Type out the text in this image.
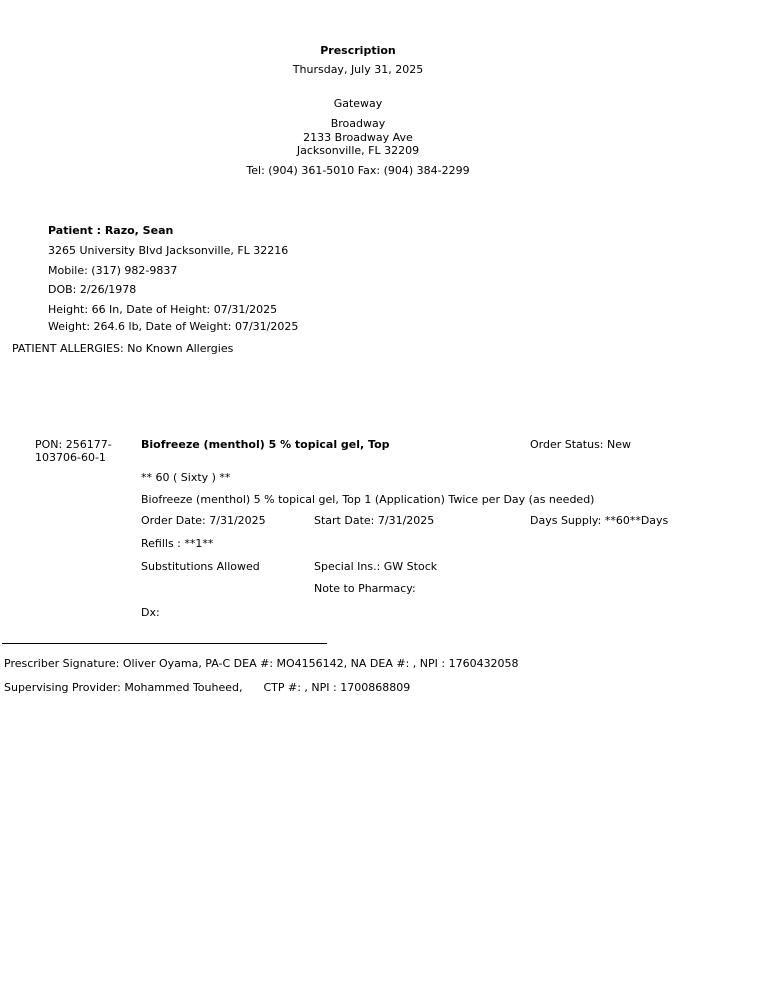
Prescription
Thursday, July 31, 2025
Gateway
Broadway
2133 Broadway Ave
Jacksonville, FL 32209
Tel: (904) 361-5010 Fax: (904) 384-2299
Patient : Razo, Sean
3265 University Blvd Jacksonville, FL 32216
Mobile: (317) 982-9837
DOB: 2/26/1978
Height: 66 In, Date of Height: 07/31/2025
Weight: 264.6 lb, Date of Weight: 07/31/2025
PATIENT ALLERGIES: No Known Allergies
PON: 256177-
103706-60-1
Biofreeze (menthol) 5 % topical gel, Top	Order Status: New
** 60 ( Sixty ) **
Biofreeze (menthol) 5 % topical gel, Top 1 (Application) Twice per Day (as needed)
Order Date: 7/31/2025	Start Date: 7/31/2025	Days Supply: **60**Days
Refills : **1**
Substitutions Allowed	Special Ins.: GW Stock
Note to Pharmacy:
Dx:
Prescriber Signature: Oliver Oyama, PA-C DEA #: MO4156142, NA DEA #: , NPI : 1760432058
Supervising Provider: Mohammed Touheed,      CTP #: , NPI : 1700868809
